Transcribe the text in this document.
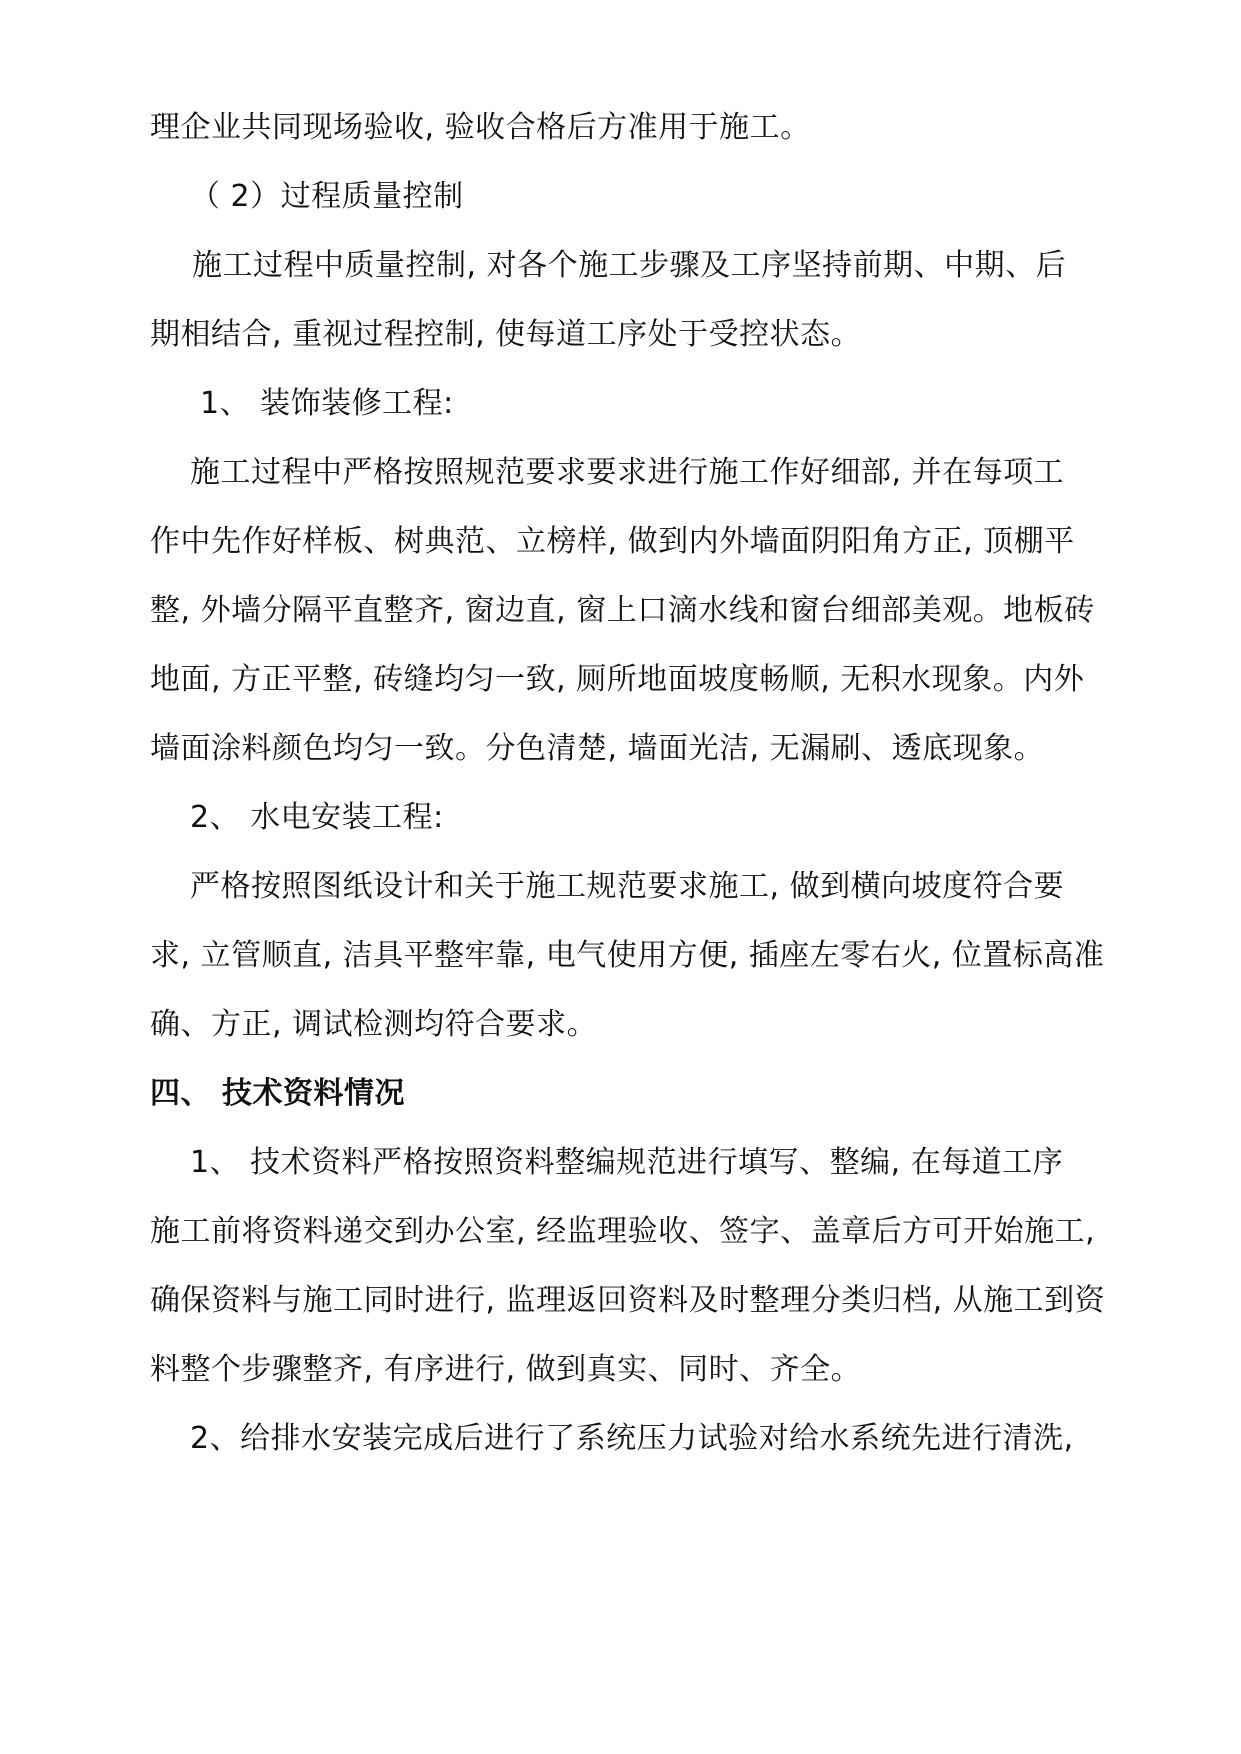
理企业共同现场验收, 验收合格后方准用于施工。
（ 2）过程质量控制
施工过程中质量控制, 对各个施工步骤及工序坚持前期、中期、后
期相结合, 重视过程控制, 使每道工序处于受控状态。
1、 装饰装修工程:
施工过程中严格按照规范要求要求进行施工作好细部, 并在每项工
作中先作好样板、树典范、立榜样, 做到内外墙面阴阳角方正, 顶棚平
整, 外墙分隔平直整齐, 窗边直, 窗上口滴水线和窗台细部美观。地板砖
地面, 方正平整, 砖缝均匀一致, 厕所地面坡度畅顺, 无积水现象。内外
墙面涂料颜色均匀一致。分色清楚, 墙面光洁, 无漏刷、透底现象。
2、 水电安装工程:
严格按照图纸设计和关于施工规范要求施工, 做到横向坡度符合要
求, 立管顺直, 洁具平整牢靠, 电气使用方便, 插座左零右火, 位置标高准
确、方正, 调试检测均符合要求。
四、 技术资料情况
1、 技术资料严格按照资料整编规范进行填写、整编, 在每道工序
施工前将资料递交到办公室, 经监理验收、签字、盖章后方可开始施工,
确保资料与施工同时进行, 监理返回资料及时整理分类归档, 从施工到资
料整个步骤整齐, 有序进行, 做到真实、同时、齐全。
2、给排水安装完成后进行了系统压力试验对给水系统先进行清洗,
